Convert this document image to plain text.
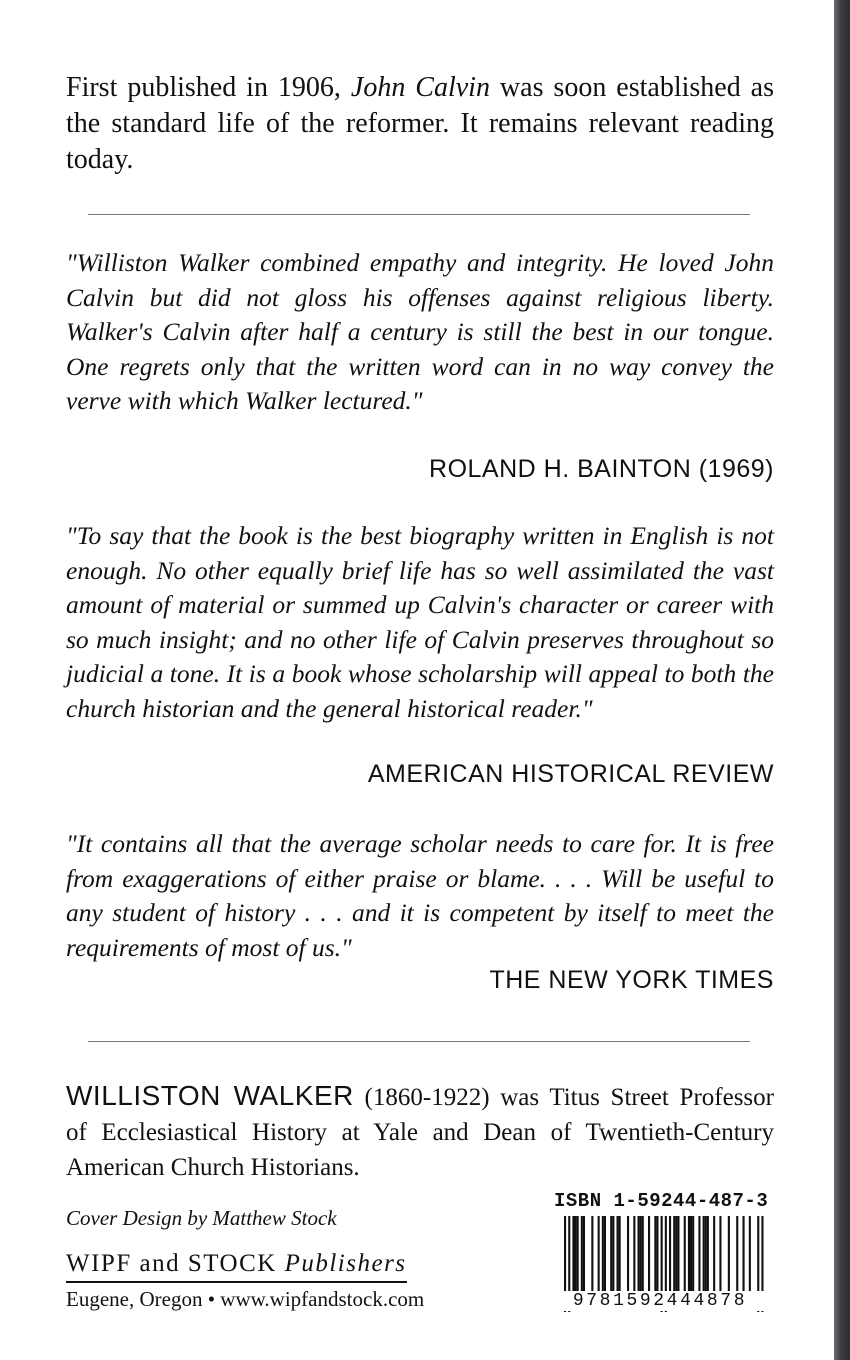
First published in 1906, John Calvin was soon established as the standard life of the reformer. It remains relevant reading today.

"Williston Walker combined empathy and integrity. He loved John Calvin but did not gloss his offenses against religious liberty. Walker's Calvin after half a century is still the best in our tongue. One regrets only that the written word can in no way convey the verve with which Walker lectured."

ROLAND H. BAINTON (1969)

"To say that the book is the best biography written in English is not enough. No other equally brief life has so well assimilated the vast amount of material or summed up Calvin's character or career with so much insight; and no other life of Calvin preserves throughout so judicial a tone. It is a book whose scholarship will appeal to both the church historian and the general historical reader."

AMERICAN HISTORICAL REVIEW

"It contains all that the average scholar needs to care for. It is free from exaggerations of either praise or blame. . . . Will be useful to any student of history . . . and it is competent by itself to meet the requirements of most of us."

THE NEW YORK TIMES

WILLISTON WALKER (1860-1922) was Titus Street Professor of Ecclesiastical History at Yale and Dean of Twentieth-Century American Church Historians.

Cover Design by Matthew Stock

WIPF and STOCK Publishers

Eugene, Oregon • www.wipfandstock.com

ISBN 1-59244-487-3

9781592444878
